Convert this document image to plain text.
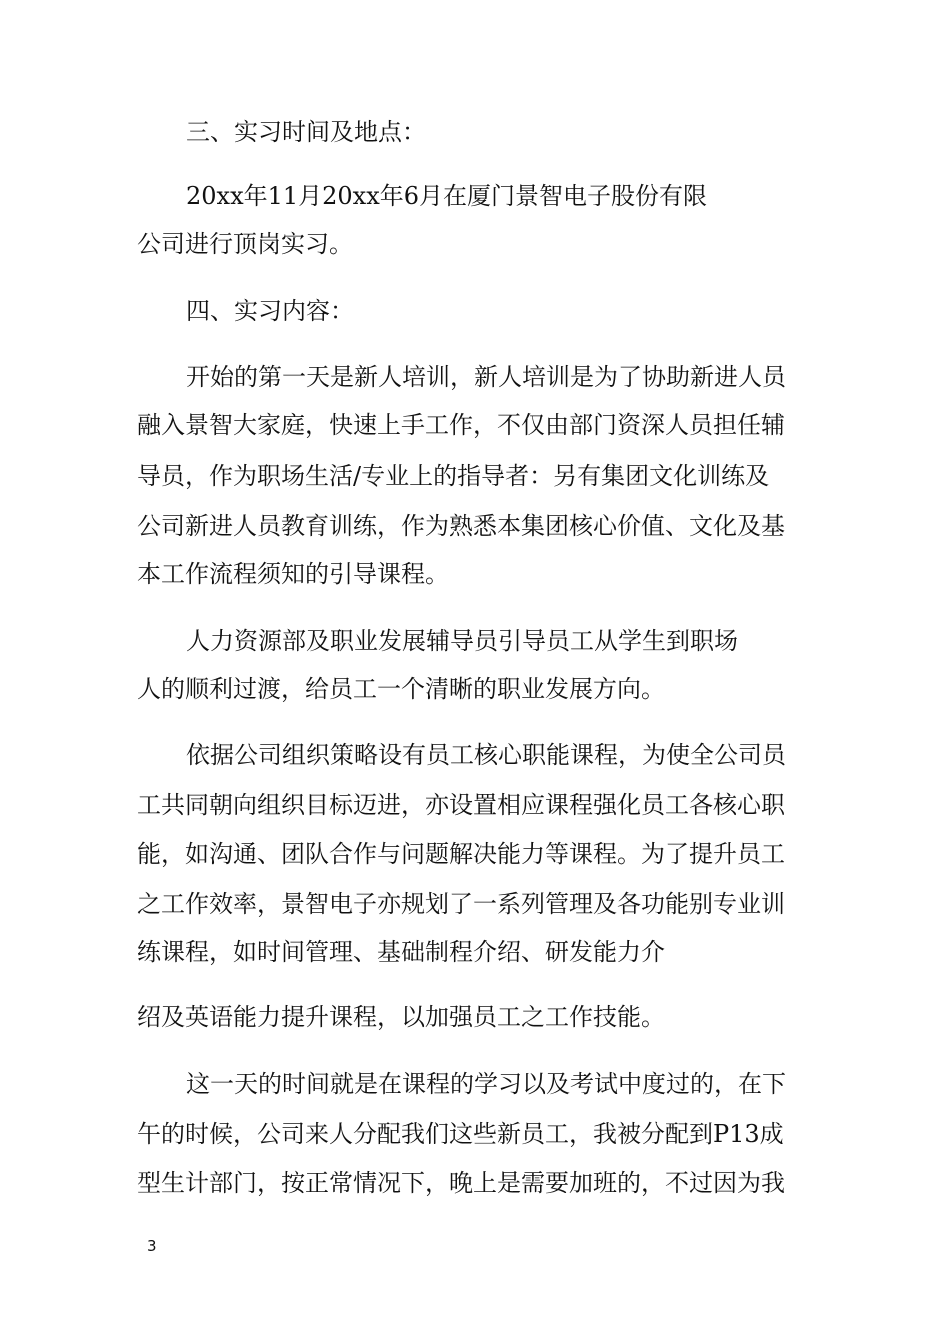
三、实习时间及地点：
20xx年11月20xx年6月在厦门景智电子股份有限
公司进行顶岗实习。
四、实习内容：
开始的第一天是新人培训，新人培训是为了协助新进人员
融入景智大家庭，快速上手工作，不仅由部门资深人员担任辅
导员，作为职场生活/专业上的指导者：另有集团文化训练及
公司新进人员教育训练，作为熟悉本集团核心价值、文化及基
本工作流程须知的引导课程。
人力资源部及职业发展辅导员引导员工从学生到职场
人的顺利过渡，给员工一个清晰的职业发展方向。
依据公司组织策略设有员工核心职能课程，为使全公司员
工共同朝向组织目标迈进，亦设置相应课程强化员工各核心职
能，如沟通、团队合作与问题解决能力等课程。为了提升员工
之工作效率，景智电子亦规划了一系列管理及各功能别专业训
练课程，如时间管理、基础制程介绍、研发能力介
绍及英语能力提升课程，以加强员工之工作技能。
这一天的时间就是在课程的学习以及考试中度过的，在下
午的时候，公司来人分配我们这些新员工，我被分配到P13成
型生计部门，按正常情况下，晚上是需要加班的，不过因为我
3
